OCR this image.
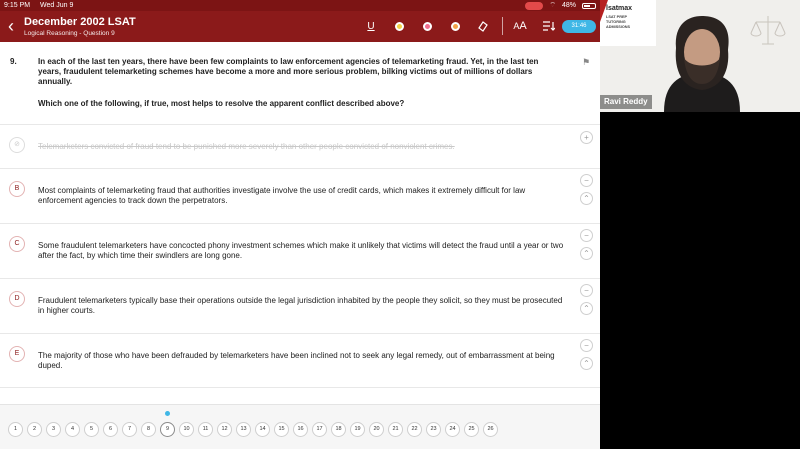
9:15 PM Wed Jun 9	⌔ 48%
‹ December 2002 LSAT
Logical Reasoning - Question 9
U	A A	31:46
9.	In each of the last ten years, there have been few complaints to law enforcement agencies of telemarketing fraud. Yet, in the last ten years, fraudulent telemarketing schemes have become a more and more serious problem, bilking victims out of millions of dollars annually.
Which one of the following, if true, most helps to resolve the apparent conflict described above?
⚑
⊘	Telemarketers convicted of fraud tend to be punished more severely than other people convicted of nonviolent crimes.
+
B	Most complaints of telemarketing fraud that authorities investigate involve the use of credit cards, which makes it extremely difficult for law enforcement agencies to track down the perpetrators.
−
⌃
C	Some fraudulent telemarketers have concocted phony investment schemes which make it unlikely that victims will detect the fraud until a year or two after the fact, by which time their swindlers are long gone.
−
⌃
D	Fraudulent telemarketers typically base their operations outside the legal jurisdiction inhabited by the people they solicit, so they must be prosecuted in higher courts.
−
⌃
E	The majority of those who have been defrauded by telemarketers have been inclined not to seek any legal remedy, out of embarrassment at being duped.
−
⌃
1	2	3	4	5	6	7	8	9	10	11	12	13	14	15	16	17	18	19	20	21	22	23	24	25	26
lsatmax
LSAT PREP TUTORING ADMISSIONS
Ravi Reddy
